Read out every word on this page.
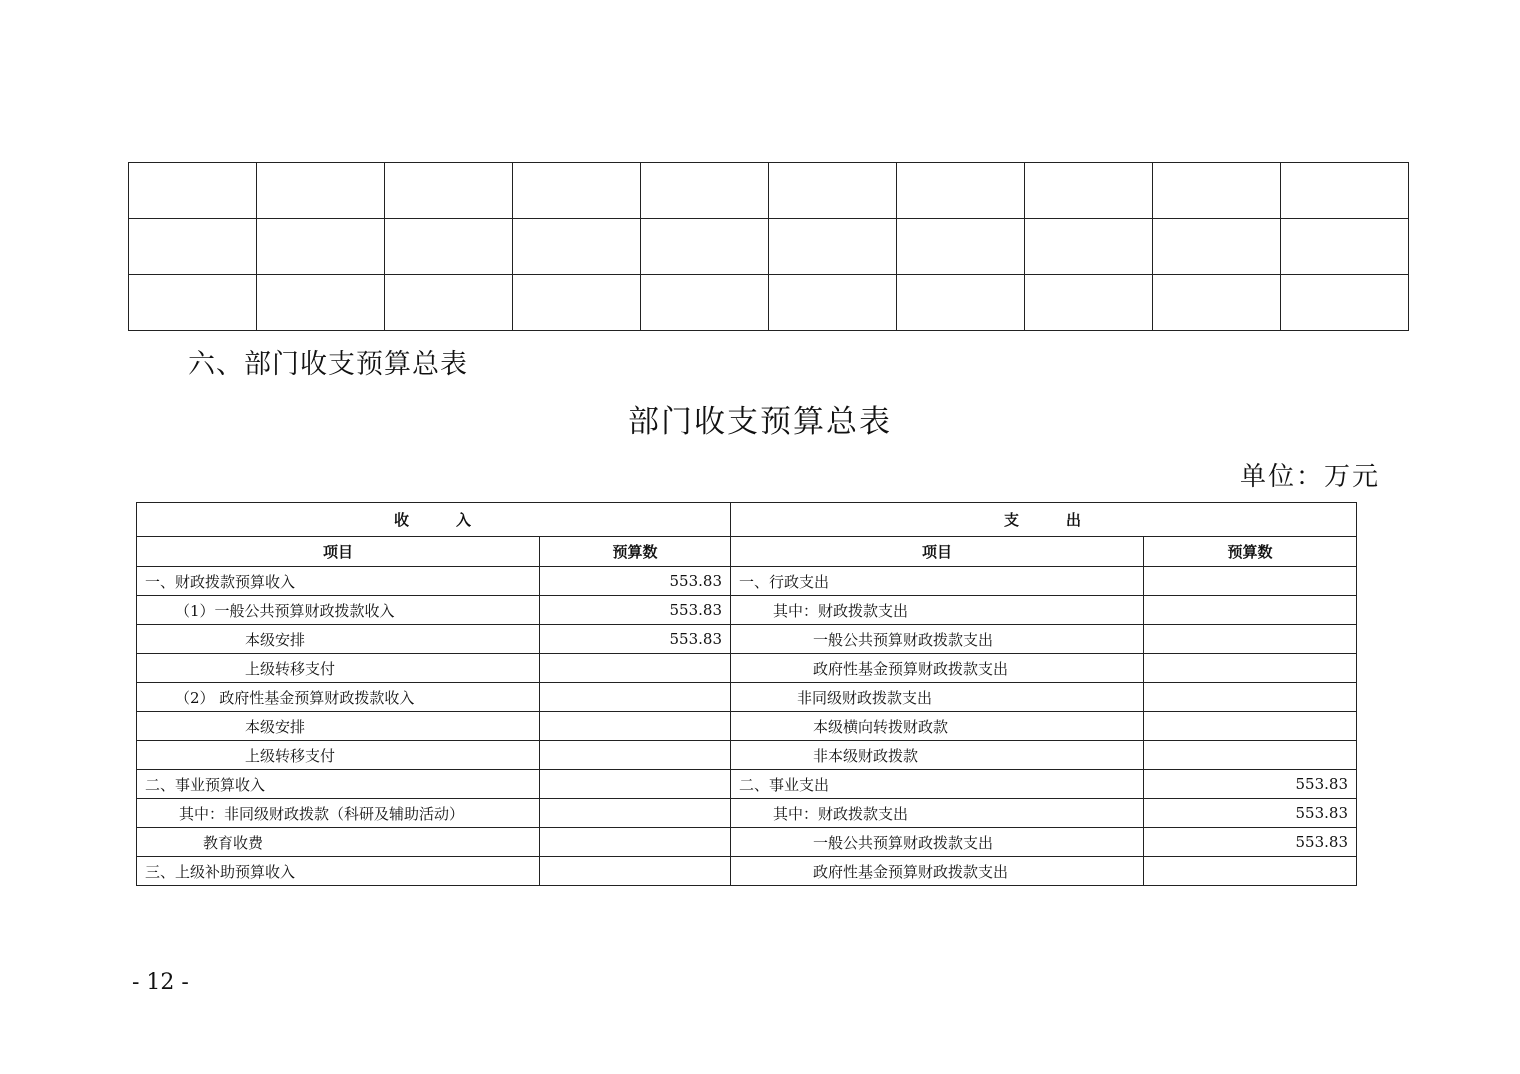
六、部门收支预算总表
部门收支预算总表
单位：万元
收 入		支 出	
项目	预算数	项目	预算数
一、财政拨款预算收入	553.83	一、行政支出	
（1）一般公共预算财政拨款收入	553.83	其中：财政拨款支出	
本级安排	553.83	一般公共预算财政拨款支出	
上级转移支付		政府性基金预算财政拨款支出	
（2） 政府性基金预算财政拨款收入		非同级财政拨款支出	
本级安排		本级横向转拨财政款	
上级转移支付		非本级财政拨款	
二、事业预算收入		二、事业支出	553.83
其中：非同级财政拨款（科研及辅助活动）		其中：财政拨款支出	553.83
教育收费		一般公共预算财政拨款支出	553.83
三、上级补助预算收入		政府性基金预算财政拨款支出	
- 12 -
